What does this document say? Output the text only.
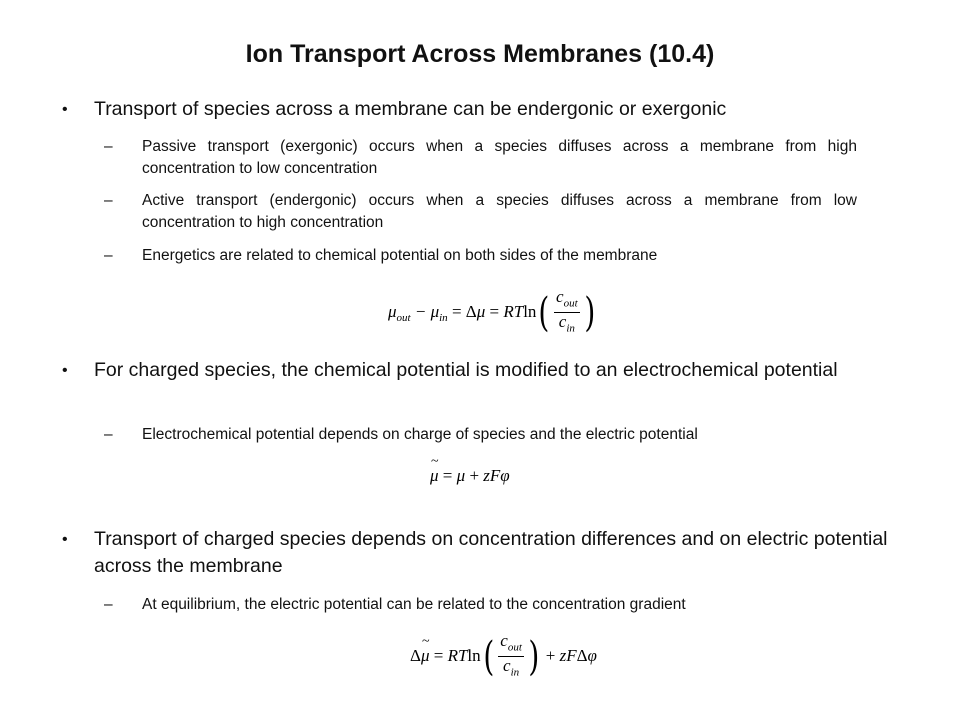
Ion Transport Across Membranes (10.4)
• Transport of species across a membrane can be endergonic or exergonic
– Passive transport (exergonic) occurs when a species diffuses across a membrane from high concentration to low concentration
– Active transport (endergonic) occurs when a species diffuses across a membrane from low concentration to high concentration
– Energetics are related to chemical potential on both sides of the membrane
$\mu_{out} - \mu_{in} = \Delta\mu = RTln( \frac{c_{out}}{c_{in}}$ )
• For charged species, the chemical potential is modified to an electrochemical potential
– Electrochemical potential depends on charge of species and the electric potential
~ μ = μ + zFφ
• Transport of charged species depends on concentration differences and on electric potential across the membrane
– At equilibrium, the electric potential can be related to the concentration gradient
Δ~ $\mu = RTln( \frac{c_{out}}{c_{in}}$ ) + zFΔφ
